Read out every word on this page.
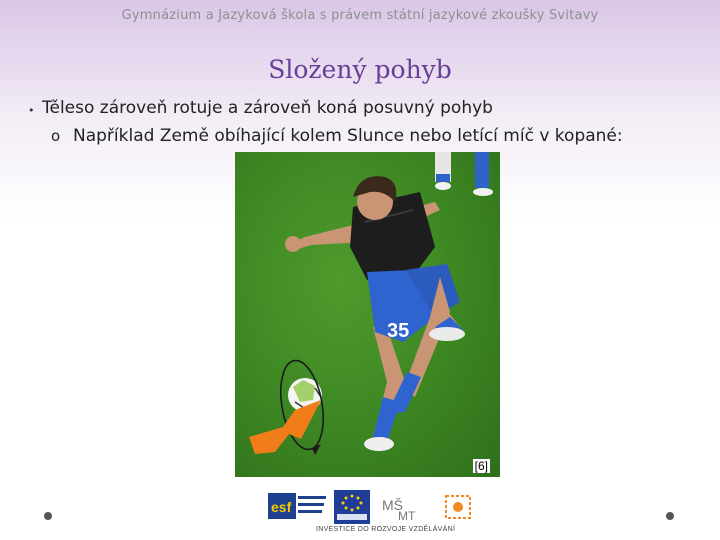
Gymnázium a Jazyková škola s právem státní jazykové zkoušky Svitavy
Složený pohyb
• Těleso zároveň rotuje a zároveň koná posuvný pohyb
o Například Země obíhající kolem Slunce nebo letící míč v kopané:
35
[6]
esf	MŠ
MT
INVESTICE DO ROZVOJE VZDĚLÁVÁNÍ
